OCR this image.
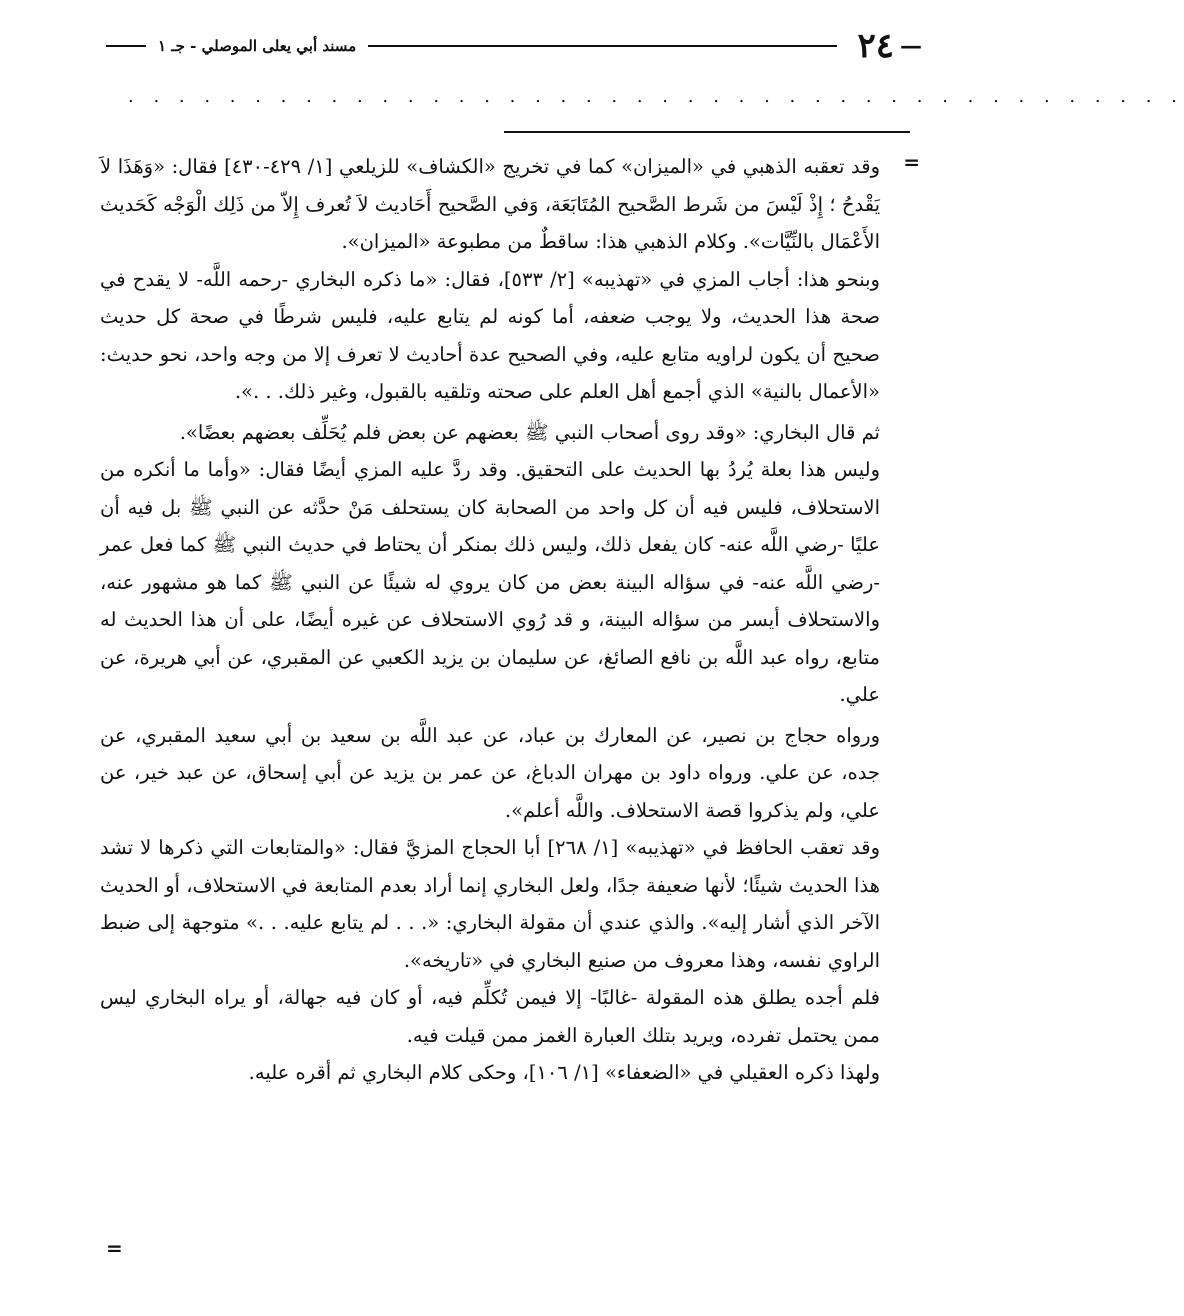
—
٢٤
مسند أبي يعلى الموصلي - جـ ١
. . . . . . . . . . . . . . . . . . . . . . . . . . . . . . . . . . . . . . . . . .
=

وقد تعقبه الذهبي في «الميزان» كما في تخريج «الكشاف» للزيلعي [١/ ٤٢٩-٤٣٠] فقال: «وَهَذَا لاَ يَقْدحُ ؛ إِذْ لَيْسَ من شَرط الصَّحيح المُتَابَعَة، وَفي الصَّحيح أَحَاديث لاَ تُعرف إِلاّ من ذَلِك الْوَجْه كَحَديث الأَعْمَال بالنِّيَّات». وكلام الذهبي هذا: ساقطٌ من مطبوعة «الميزان».

وبنحو هذا: أجاب المزي في «تهذيبه» [٢/ ٥٣٣]، فقال: «ما ذكره البخاري -رحمه اللَّه- لا يقدح في صحة هذا الحديث، ولا يوجب ضعفه، أما كونه لم يتابع عليه، فليس شرطًا في صحة كل حديث صحيح أن يكون لراويه متابع عليه، وفي الصحيح عدة أحاديث لا تعرف إلا من وجه واحد، نحو حديث: «الأعمال بالنية» الذي أجمع أهل العلم على صحته وتلقيه بالقبول، وغير ذلك. . .».

ثم قال البخاري: «وقد روى أصحاب النبي ﷺ بعضهم عن بعض فلم يُحَلِّف بعضهم بعضًا».

وليس هذا بعلة يُردُ بها الحديث على التحقيق. وقد ردَّ عليه المزي أيضًا فقال: «وأما ما أنكره من الاستحلاف، فليس فيه أن كل واحد من الصحابة كان يستحلف مَنْ حدَّثه عن النبي ﷺ بل فيه أن عليًا -رضي اللَّه عنه- كان يفعل ذلك، وليس ذلك بمنكر أن يحتاط في حديث النبي ﷺ كما فعل عمر -رضي اللَّه عنه- في سؤاله البينة بعض من كان يروي له شيئًا عن النبي ﷺ كما هو مشهور عنه، والاستحلاف أيسر من سؤاله البينة، و قد رُوي الاستحلاف عن غيره أيضًا، على أن هذا الحديث له متابع، رواه عبد اللَّه بن نافع الصائغ، عن سليمان بن يزيد الكعبي عن المقبري، عن أبي هريرة، عن علي.

ورواه حجاج بن نصير، عن المعارك بن عباد، عن عبد اللَّه بن سعيد بن أبي سعيد المقبري، عن جده، عن علي. ورواه داود بن مهران الدباغ، عن عمر بن يزيد عن أبي إسحاق، عن عبد خير، عن علي، ولم يذكروا قصة الاستحلاف. واللَّه أعلم».

وقد تعقب الحافظ في «تهذيبه» [١/ ٢٦٨] أبا الحجاج المزيَّ فقال: «والمتابعات التي ذكرها لا تشد هذا الحديث شيئًا؛ لأنها ضعيفة جدًا، ولعل البخاري إنما أراد بعدم المتابعة في الاستحلاف، أو الحديث الآخر الذي أشار إليه». والذي عندي أن مقولة البخاري: «. . . لم يتابع عليه. . .» متوجهة إلى ضبط الراوي نفسه، وهذا معروف من صنيع البخاري في «تاريخه».

فلم أجده يطلق هذه المقولة -غالبًا- إلا فيمن تُكلِّم فيه، أو كان فيه جهالة، أو يراه البخاري ليس ممن يحتمل تفرده، ويريد بتلك العبارة الغمز ممن قيلت فيه.

ولهذا ذكره العقيلي في «الضعفاء» [١/ ١٠٦]، وحكى كلام البخاري ثم أقره عليه.

=
